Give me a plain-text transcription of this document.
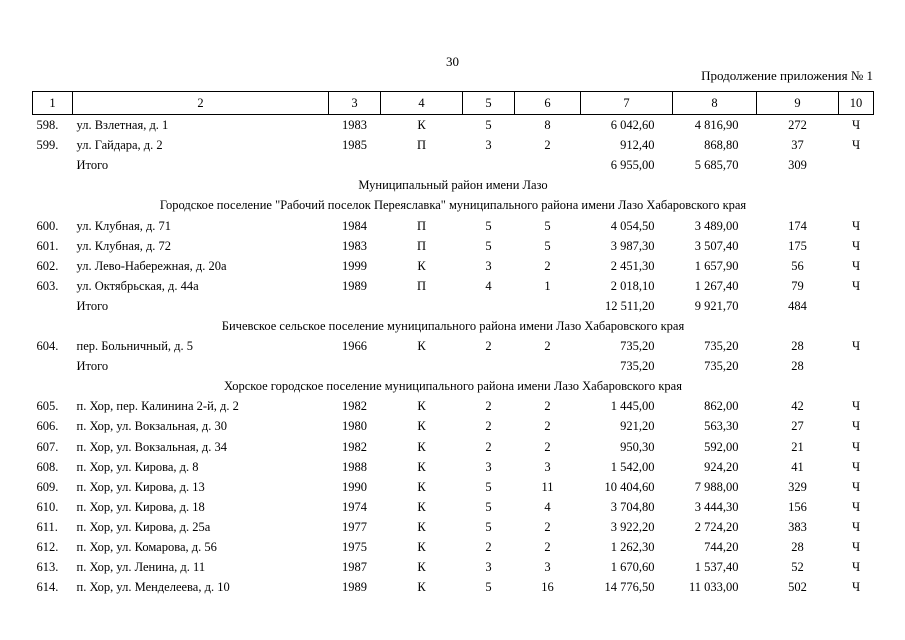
30
Продолжение приложения № 1
1	2	3	4	5	6	7	8	9	10
598.	ул. Взлетная, д. 1	1983	К	5	8	6 042,60	4 816,90	272	Ч
599.	ул. Гайдара, д. 2	1985	П	3	2	912,40	868,80	37	Ч
	Итого					6 955,00	5 685,70	309	
Муниципальный район имени Лазо									
Городское поселение "Рабочий поселок Переяславка" муниципального района имени Лазо Хабаровского края									
600.	ул. Клубная, д. 71	1984	П	5	5	4 054,50	3 489,00	174	Ч
601.	ул. Клубная, д. 72	1983	П	5	5	3 987,30	3 507,40	175	Ч
602.	ул. Лево-Набережная, д. 20а	1999	К	3	2	2 451,30	1 657,90	56	Ч
603.	ул. Октябрьская, д. 44а	1989	П	4	1	2 018,10	1 267,40	79	Ч
	Итого					12 511,20	9 921,70	484	
Бичевское сельское поселение муниципального района имени Лазо Хабаровского края									
604.	пер. Больничный, д. 5	1966	К	2	2	735,20	735,20	28	Ч
	Итого					735,20	735,20	28	
Хорское городское поселение муниципального района имени Лазо Хабаровского края									
605.	п. Хор, пер. Калинина 2-й, д. 2	1982	К	2	2	1 445,00	862,00	42	Ч
606.	п. Хор, ул. Вокзальная, д. 30	1980	К	2	2	921,20	563,30	27	Ч
607.	п. Хор, ул. Вокзальная, д. 34	1982	К	2	2	950,30	592,00	21	Ч
608.	п. Хор, ул. Кирова, д. 8	1988	К	3	3	1 542,00	924,20	41	Ч
609.	п. Хор, ул. Кирова, д. 13	1990	К	5	11	10 404,60	7 988,00	329	Ч
610.	п. Хор, ул. Кирова, д. 18	1974	К	5	4	3 704,80	3 444,30	156	Ч
611.	п. Хор, ул. Кирова, д. 25а	1977	К	5	2	3 922,20	2 724,20	383	Ч
612.	п. Хор, ул. Комарова, д. 56	1975	К	2	2	1 262,30	744,20	28	Ч
613.	п. Хор, ул. Ленина, д. 11	1987	К	3	3	1 670,60	1 537,40	52	Ч
614.	п. Хор, ул. Менделеева, д. 10	1989	К	5	16	14 776,50	11 033,00	502	Ч
